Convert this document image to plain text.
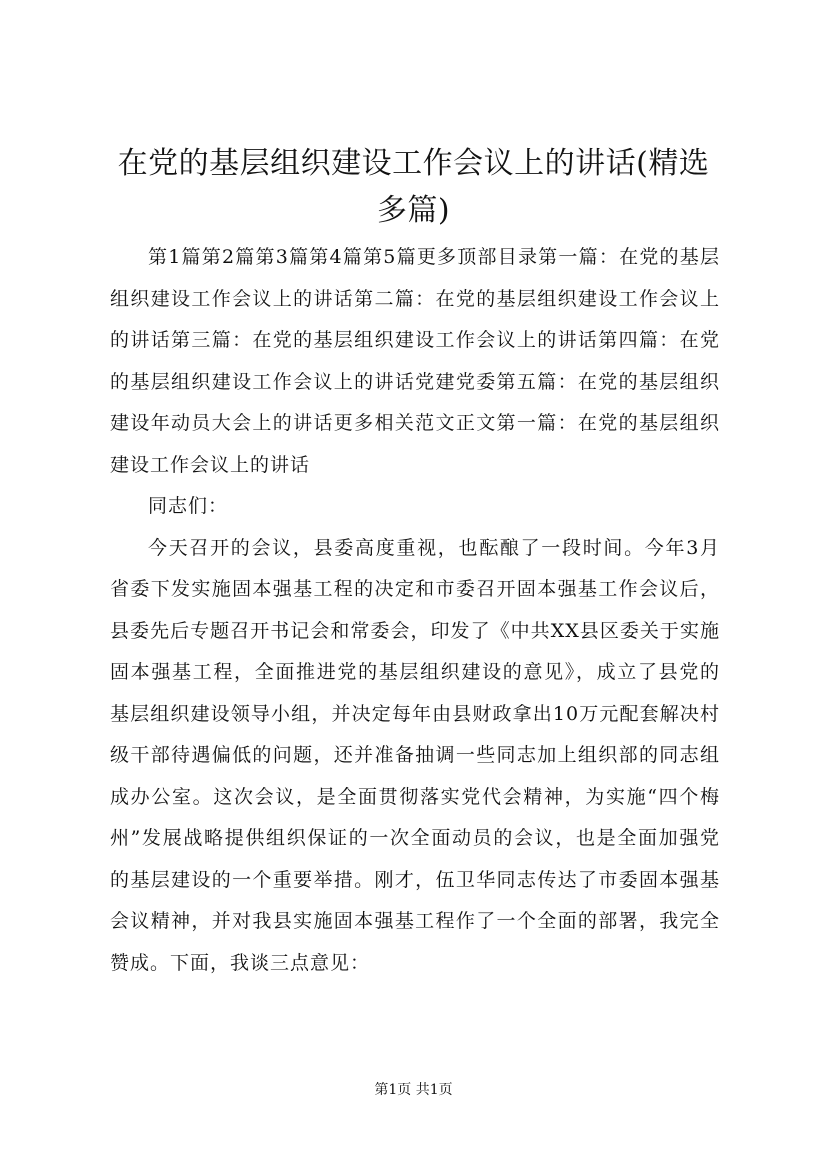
在党的基层组织建设工作会议上的讲话(精选多篇)

第1篇第2篇第3篇第4篇第5篇更多顶部目录第一篇：在党的基层组织建设工作会议上的讲话第二篇：在党的基层组织建设工作会议上的讲话第三篇：在党的基层组织建设工作会议上的讲话第四篇：在党的基层组织建设工作会议上的讲话党建党委第五篇：在党的基层组织建设年动员大会上的讲话更多相关范文正文第一篇：在党的基层组织建设工作会议上的讲话

同志们：

今天召开的会议，县委高度重视，也酝酿了一段时间。今年3月省委下发实施固本强基工程的决定和市委召开固本强基工作会议后，县委先后专题召开书记会和常委会，印发了《中共XX县区委关于实施固本强基工程，全面推进党的基层组织建设的意见》，成立了县党的基层组织建设领导小组，并决定每年由县财政拿出10万元配套解决村级干部待遇偏低的问题，还并准备抽调一些同志加上组织部的同志组成办公室。这次会议，是全面贯彻落实党代会精神，为实施“四个梅州”发展战略提供组织保证的一次全面动员的会议，也是全面加强党的基层建设的一个重要举措。刚才，伍卫华同志传达了市委固本强基会议精神，并对我县实施固本强基工程作了一个全面的部署，我完全赞成。下面，我谈三点意见：

第1页 共1页
